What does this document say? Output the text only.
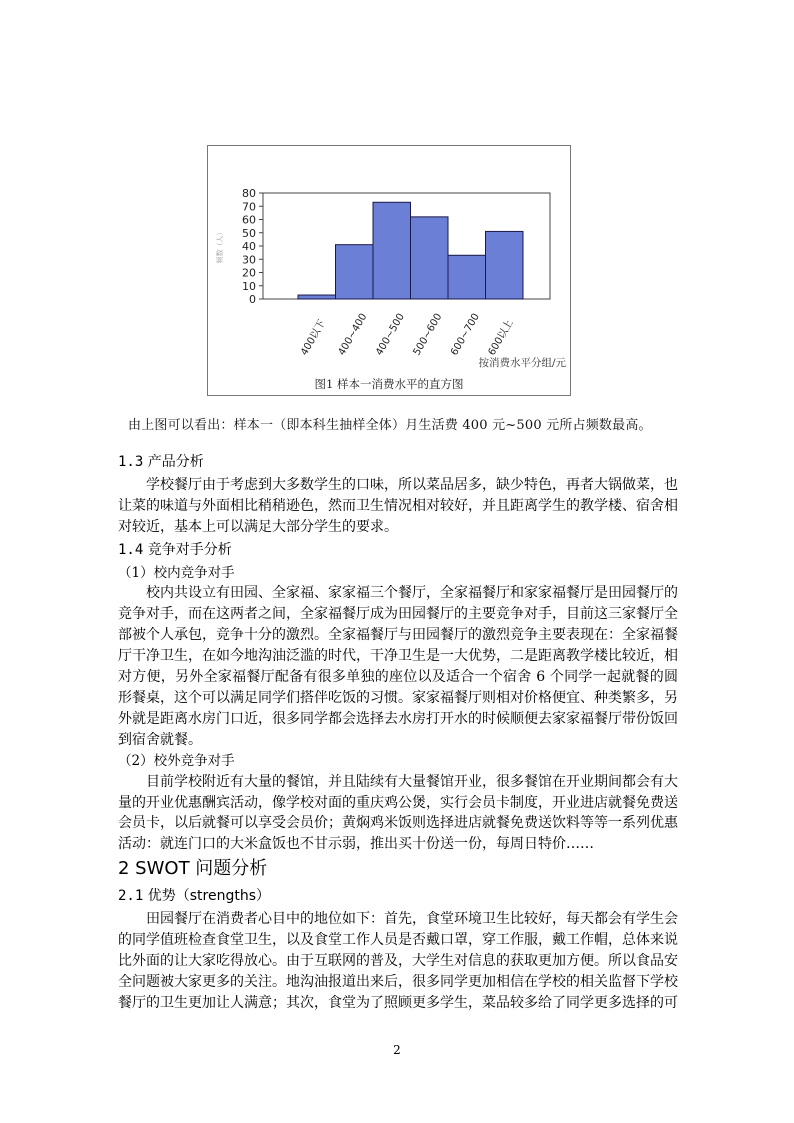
0
10
20
30
40
50
60
70
80
频数（人）
400以下 400~400 400~500 500~600 600~700 600以上
按消费水平分组/元
图1 样本一消费水平的直方图
由上图可以看出：样本一（即本科生抽样全体）月生活费 400 元~500 元所占频数最高。
1.3 产品分析

学校餐厅由于考虑到大多数学生的口味，所以菜品居多，缺少特色，再者大锅做菜，也让菜的味道与外面相比稍稍逊色，然而卫生情况相对较好，并且距离学生的教学楼、宿舍相对较近，基本上可以满足大部分学生的要求。

1.4 竞争对手分析
（1）校内竞争对手

校内共设立有田园、全家福、家家福三个餐厅，全家福餐厅和家家福餐厅是田园餐厅的竞争对手，而在这两者之间，全家福餐厅成为田园餐厅的主要竞争对手，目前这三家餐厅全部被个人承包，竞争十分的激烈。全家福餐厅与田园餐厅的激烈竞争主要表现在：全家福餐厅干净卫生，在如今地沟油泛滥的时代，干净卫生是一大优势，二是距离教学楼比较近，相对方便，另外全家福餐厅配备有很多单独的座位以及适合一个宿舍 6 个同学一起就餐的圆形餐桌，这个可以满足同学们搭伴吃饭的习惯。家家福餐厅则相对价格便宜、种类繁多，另外就是距离水房门口近，很多同学都会选择去水房打开水的时候顺便去家家福餐厅带份饭回到宿舍就餐。

（2）校外竞争对手

目前学校附近有大量的餐馆，并且陆续有大量餐馆开业，很多餐馆在开业期间都会有大量的开业优惠酬宾活动，像学校对面的重庆鸡公煲，实行会员卡制度，开业进店就餐免费送会员卡，以后就餐可以享受会员价；黄焖鸡米饭则选择进店就餐免费送饮料等等一系列优惠活动：就连门口的大米盒饭也不甘示弱，推出买十份送一份，每周日特价……

2 SWOT 问题分析
2.1 优势（strengths）

田园餐厅在消费者心目中的地位如下：首先，食堂环境卫生比较好，每天都会有学生会的同学值班检查食堂卫生，以及食堂工作人员是否戴口罩，穿工作服，戴工作帽，总体来说比外面的让大家吃得放心。由于互联网的普及，大学生对信息的获取更加方便。所以食品安全问题被大家更多的关注。地沟油报道出来后，很多同学更加相信在学校的相关监督下学校餐厅的卫生更加让人满意；其次，食堂为了照顾更多学生，菜品较多给了同学更多选择的可

2
